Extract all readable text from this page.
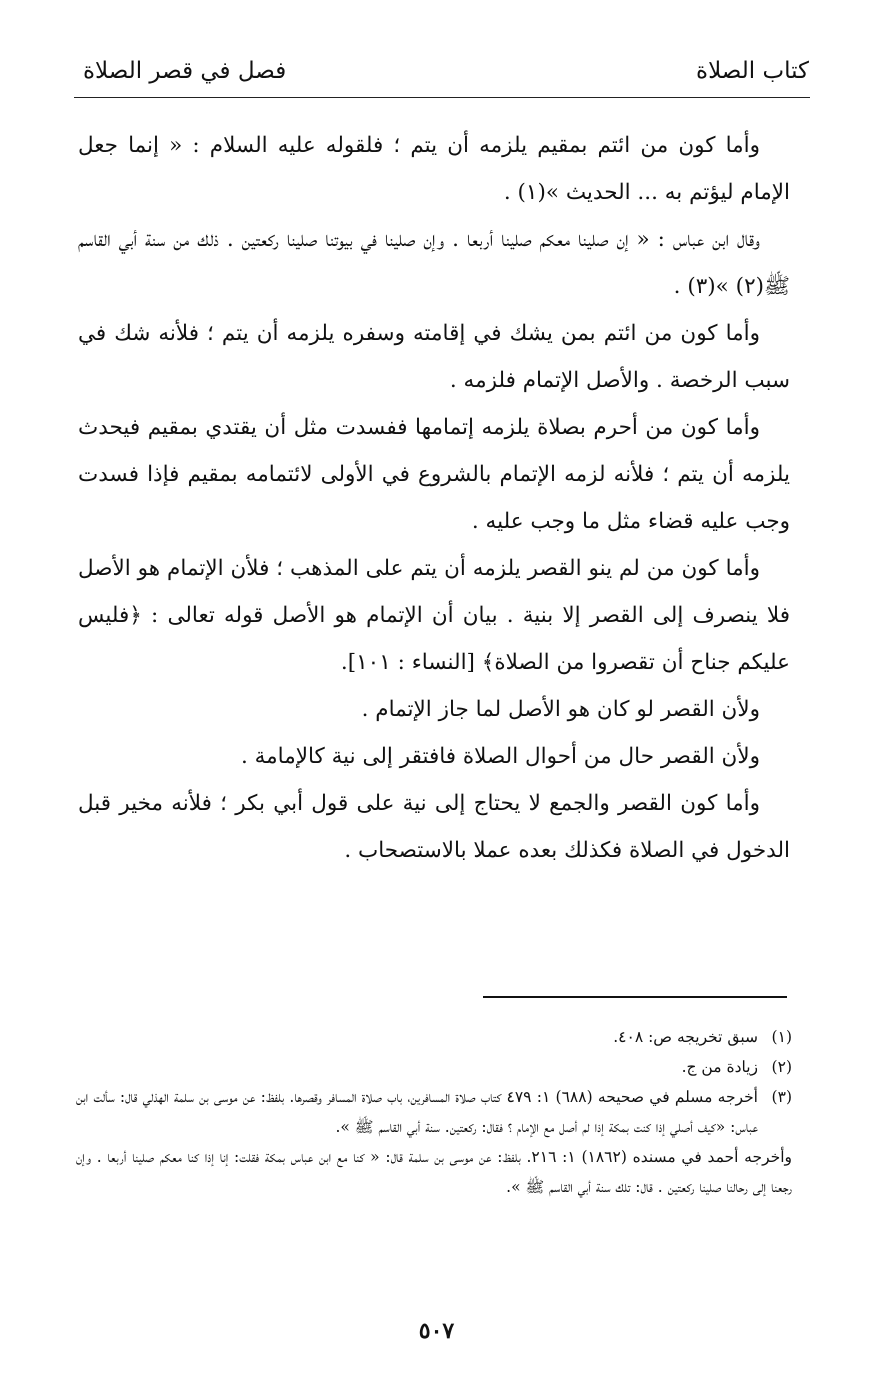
كتاب الصلاة
فصل في قصر الصلاة

وأما كون من ائتم بمقيم يلزمه أن يتم ؛ فلقوله عليه السلام : « إنما جعل الإمام ليؤتم به ... الحديث »(١) .

وقال ابن عباس : « إن صلينا معكم صلينا أربعا . وإن صلينا في بيوتنا صلينا ركعتين . ذلك من سنة أبي القاسم ﷺ(٢) »(٣) .

وأما كون من ائتم بمن يشك في إقامته وسفره يلزمه أن يتم ؛ فلأنه شك في سبب الرخصة . والأصل الإتمام فلزمه .

وأما كون من أحرم بصلاة يلزمه إتمامها ففسدت مثل أن يقتدي بمقيم فيحدث يلزمه أن يتم ؛ فلأنه لزمه الإتمام بالشروع في الأولى لائتمامه بمقيم فإذا فسدت وجب عليه قضاء مثل ما وجب عليه .

وأما كون من لم ينو القصر يلزمه أن يتم على المذهب ؛ فلأن الإتمام هو الأصل فلا ينصرف إلى القصر إلا بنية . بيان أن الإتمام هو الأصل قوله تعالى : ﴿فليس عليكم جناح أن تقصروا من الصلاة﴾ [النساء : ١٠١].

ولأن القصر لو كان هو الأصل لما جاز الإتمام .

ولأن القصر حال من أحوال الصلاة فافتقر إلى نية كالإمامة .

وأما كون القصر والجمع لا يحتاج إلى نية على قول أبي بكر ؛ فلأنه مخير قبل الدخول في الصلاة فكذلك بعده عملا بالاستصحاب .

(١)
سبق تخريجه ص: ٤٠٨.

(٢)
زيادة من ج.

(٣)
أخرجه مسلم في صحيحه (٦٨٨) ١: ٤٧٩ كتاب صلاة المسافرين، باب صلاة المسافر وقصرها. بلفظ: عن موسى بن سلمة الهذلي قال: سألت ابن عباس: «كيف أصلي إذا كنت بمكة إذا لم أصل مع الإمام ؟ فقال: ركعتين. سنة أبي القاسم ﷺ ».

وأخرجه أحمد في مسنده (١٨٦٢) ١: ٢١٦. بلفظ: عن موسى بن سلمة قال: « كنا مع ابن عباس بمكة فقلت: إنا إذا كنا معكم صلينا أربعا . وإن رجعنا إلى رحالنا صلينا ركعتين . قال: تلك سنة أبي القاسم ﷺ ».

٥٠٧
